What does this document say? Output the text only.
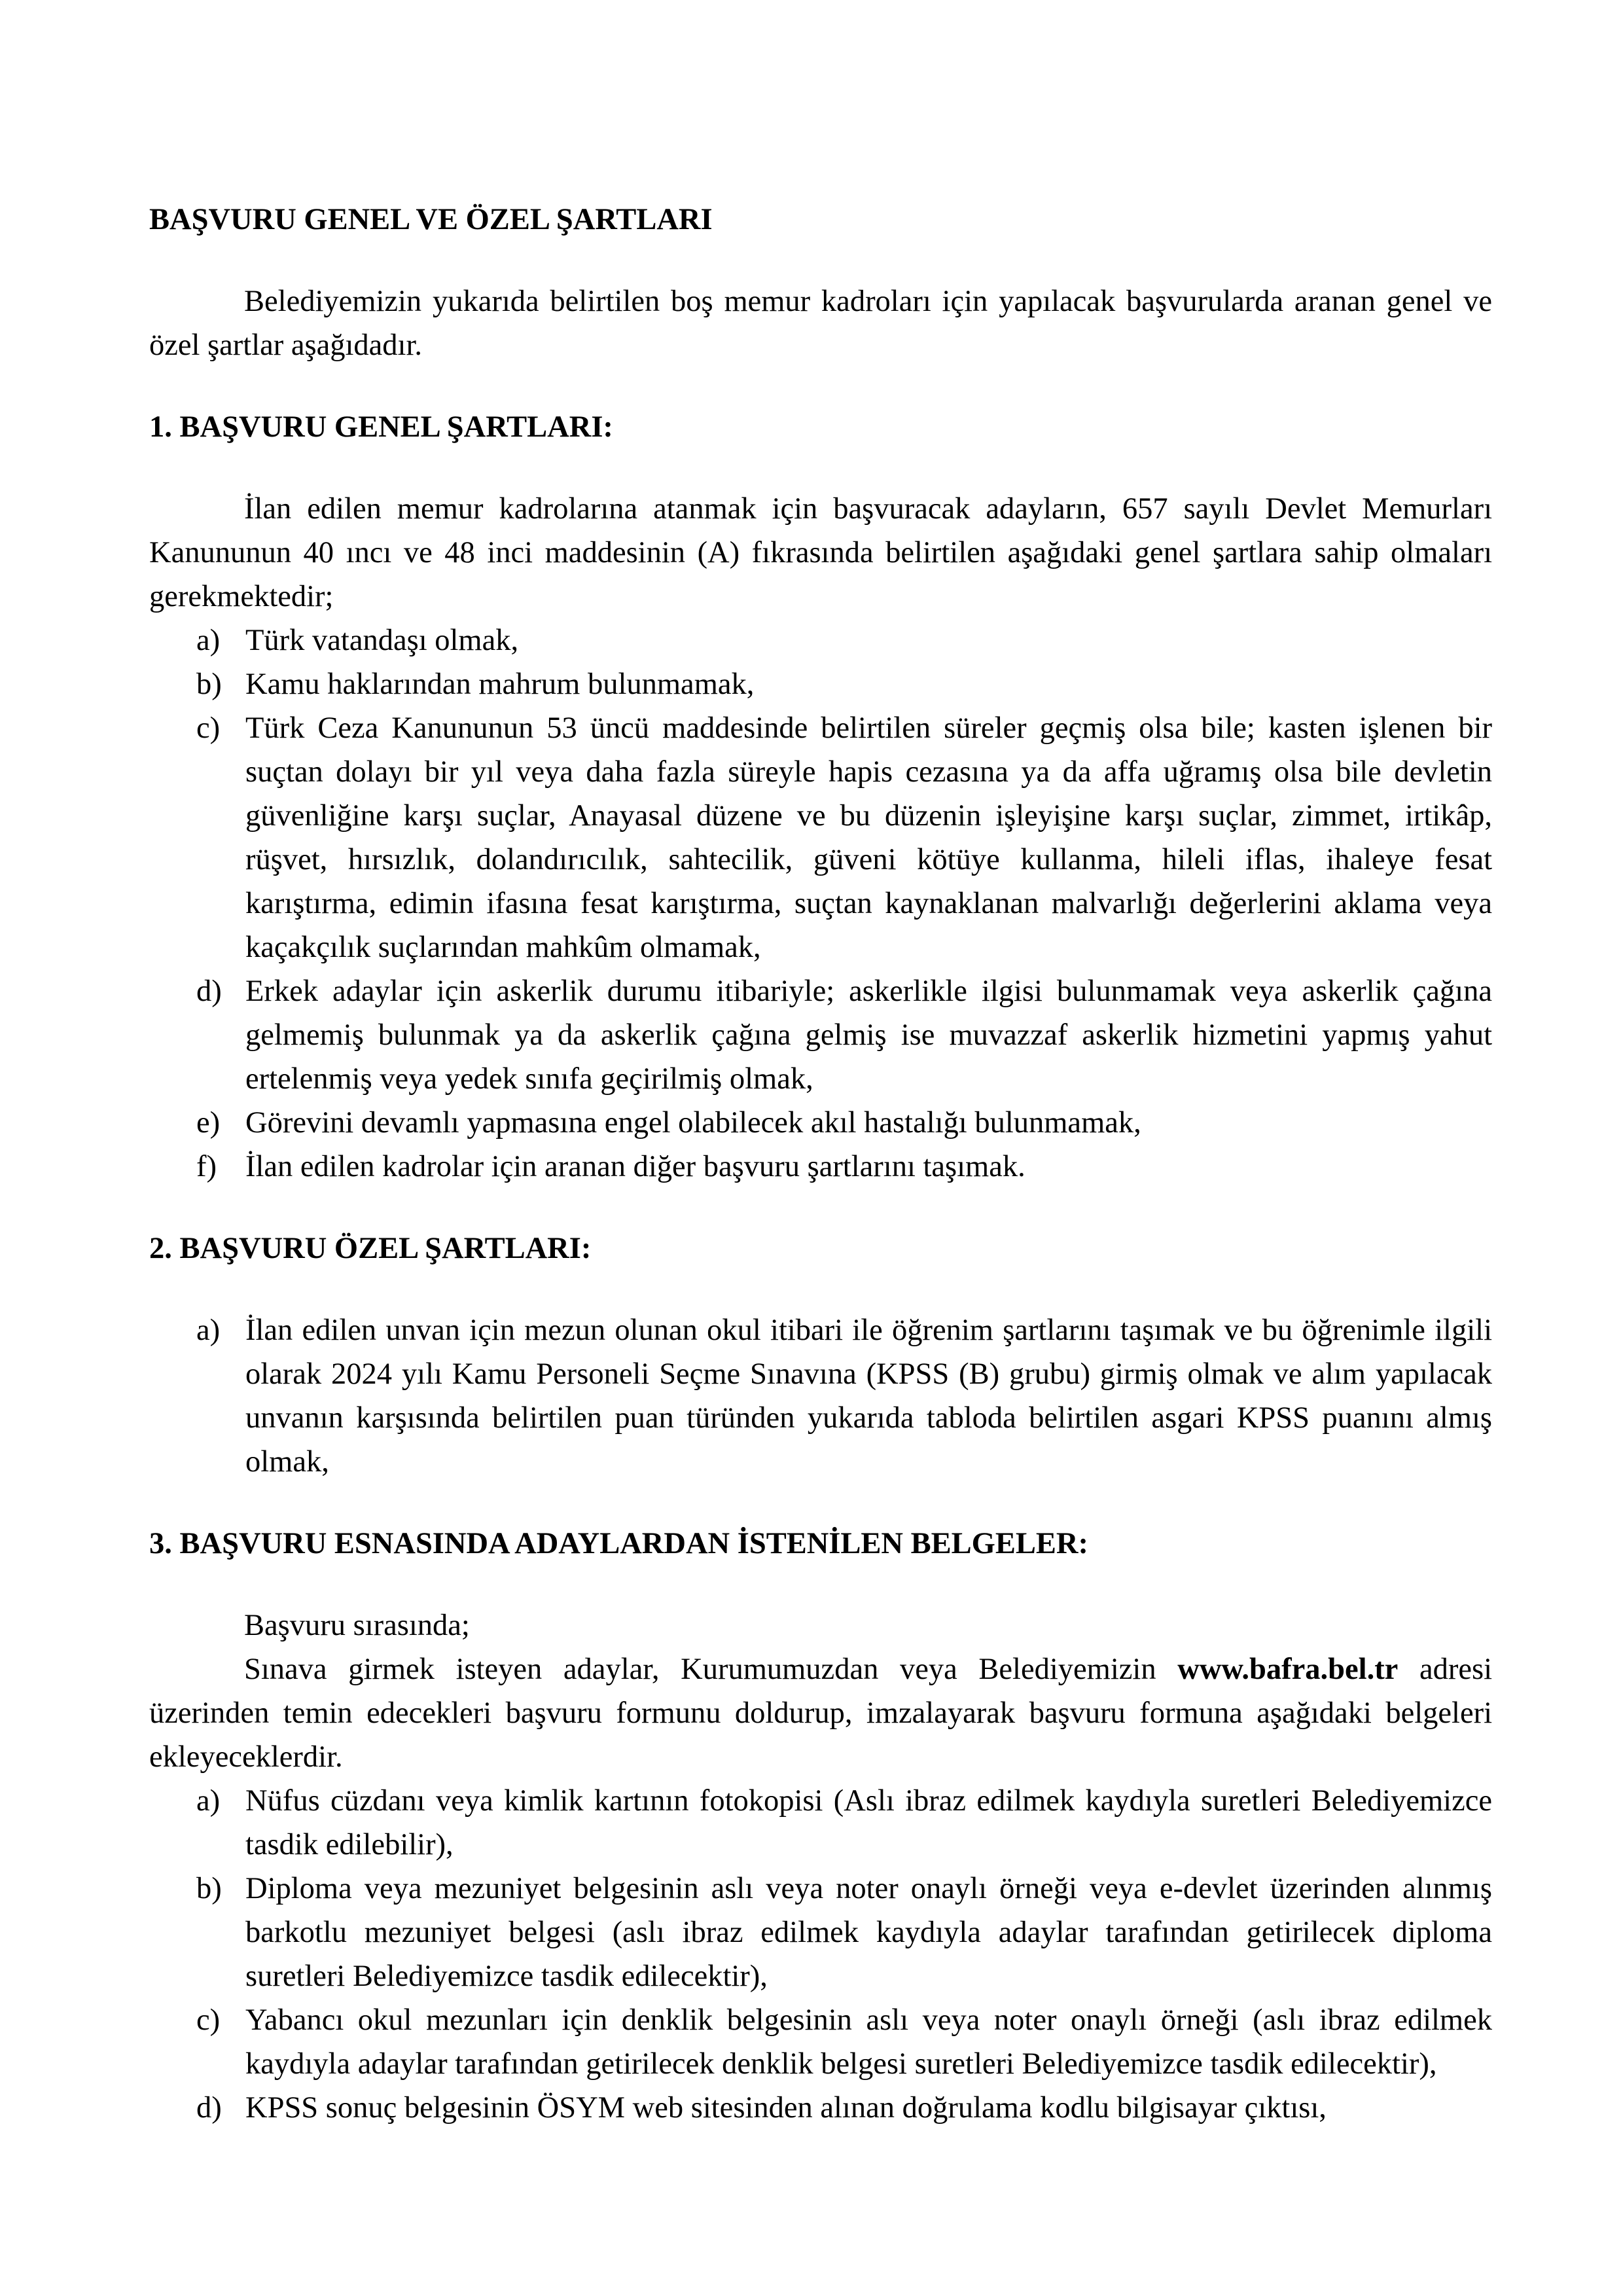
BAŞVURU GENEL VE ÖZEL ŞARTLARI

Belediyemizin yukarıda belirtilen boş memur kadroları için yapılacak başvurularda aranan genel ve özel şartlar aşağıdadır.

1. BAŞVURU GENEL ŞARTLARI:

İlan edilen memur kadrolarına atanmak için başvuracak adayların, 657 sayılı Devlet Memurları Kanununun 40 ıncı ve 48 inci maddesinin (A) fıkrasında belirtilen aşağıdaki genel şartlara sahip olmaları gerekmektedir;

a) Türk vatandaşı olmak,
b) Kamu haklarından mahrum bulunmamak,
c) Türk Ceza Kanununun 53 üncü maddesinde belirtilen süreler geçmiş olsa bile; kasten işlenen bir suçtan dolayı bir yıl veya daha fazla süreyle hapis cezasına ya da affa uğramış olsa bile devletin güvenliğine karşı suçlar, Anayasal düzene ve bu düzenin işleyişine karşı suçlar, zimmet, irtikâp, rüşvet, hırsızlık, dolandırıcılık, sahtecilik, güveni kötüye kullanma, hileli iflas, ihaleye fesat karıştırma, edimin ifasına fesat karıştırma, suçtan kaynaklanan malvarlığı değerlerini aklama veya kaçakçılık suçlarından mahkûm olmamak,
d) Erkek adaylar için askerlik durumu itibariyle; askerlikle ilgisi bulunmamak veya askerlik çağına gelmemiş bulunmak ya da askerlik çağına gelmiş ise muvazzaf askerlik hizmetini yapmış yahut ertelenmiş veya yedek sınıfa geçirilmiş olmak,
e) Görevini devamlı yapmasına engel olabilecek akıl hastalığı bulunmamak,
f) İlan edilen kadrolar için aranan diğer başvuru şartlarını taşımak.

2. BAŞVURU ÖZEL ŞARTLARI:

a) İlan edilen unvan için mezun olunan okul itibari ile öğrenim şartlarını taşımak ve bu öğrenimle ilgili olarak 2024 yılı Kamu Personeli Seçme Sınavına (KPSS (B) grubu) girmiş olmak ve alım yapılacak unvanın karşısında belirtilen puan türünden yukarıda tabloda belirtilen asgari KPSS puanını almış olmak,

3. BAŞVURU ESNASINDA ADAYLARDAN İSTENİLEN BELGELER:

Başvuru sırasında;

Sınava girmek isteyen adaylar, Kurumumuzdan veya Belediyemizin www.bafra.bel.tr adresi üzerinden temin edecekleri başvuru formunu doldurup, imzalayarak başvuru formuna aşağıdaki belgeleri ekleyeceklerdir.

a) Nüfus cüzdanı veya kimlik kartının fotokopisi (Aslı ibraz edilmek kaydıyla suretleri Belediyemizce tasdik edilebilir),
b) Diploma veya mezuniyet belgesinin aslı veya noter onaylı örneği veya e-devlet üzerinden alınmış barkotlu mezuniyet belgesi (aslı ibraz edilmek kaydıyla adaylar tarafından getirilecek diploma suretleri Belediyemizce tasdik edilecektir),
c) Yabancı okul mezunları için denklik belgesinin aslı veya noter onaylı örneği (aslı ibraz edilmek kaydıyla adaylar tarafından getirilecek denklik belgesi suretleri Belediyemizce tasdik edilecektir),
d) KPSS sonuç belgesinin ÖSYM web sitesinden alınan doğrulama kodlu bilgisayar çıktısı,
